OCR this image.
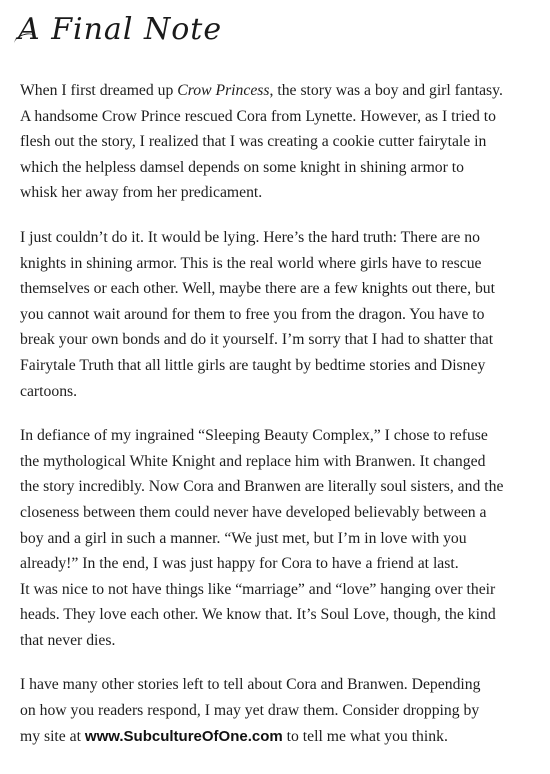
A Final Note

When I first dreamed up Crow Princess, the story was a boy and girl fantasy.
A handsome Crow Prince rescued Cora from Lynette. However, as I tried to
flesh out the story, I realized that I was creating a cookie cutter fairytale in
which the helpless damsel depends on some knight in shining armor to
whisk her away from her predicament.

I just couldn’t do it. It would be lying. Here’s the hard truth: There are no
knights in shining armor. This is the real world where girls have to rescue
themselves or each other. Well, maybe there are a few knights out there, but
you cannot wait around for them to free you from the dragon. You have to
break your own bonds and do it yourself. I’m sorry that I had to shatter that
Fairytale Truth that all little girls are taught by bedtime stories and Disney
cartoons.

In defiance of my ingrained “Sleeping Beauty Complex,” I chose to refuse
the mythological White Knight and replace him with Branwen. It changed
the story incredibly. Now Cora and Branwen are literally soul sisters, and the
closeness between them could never have developed believably between a
boy and a girl in such a manner. “We just met, but I’m in love with you
already!” In the end, I was just happy for Cora to have a friend at last.
It was nice to not have things like “marriage” and “love” hanging over their
heads. They love each other. We know that. It’s Soul Love, though, the kind
that never dies.

I have many other stories left to tell about Cora and Branwen. Depending
on how you readers respond, I may yet draw them. Consider dropping by
my site at www.SubcultureOfOne.com to tell me what you think.
